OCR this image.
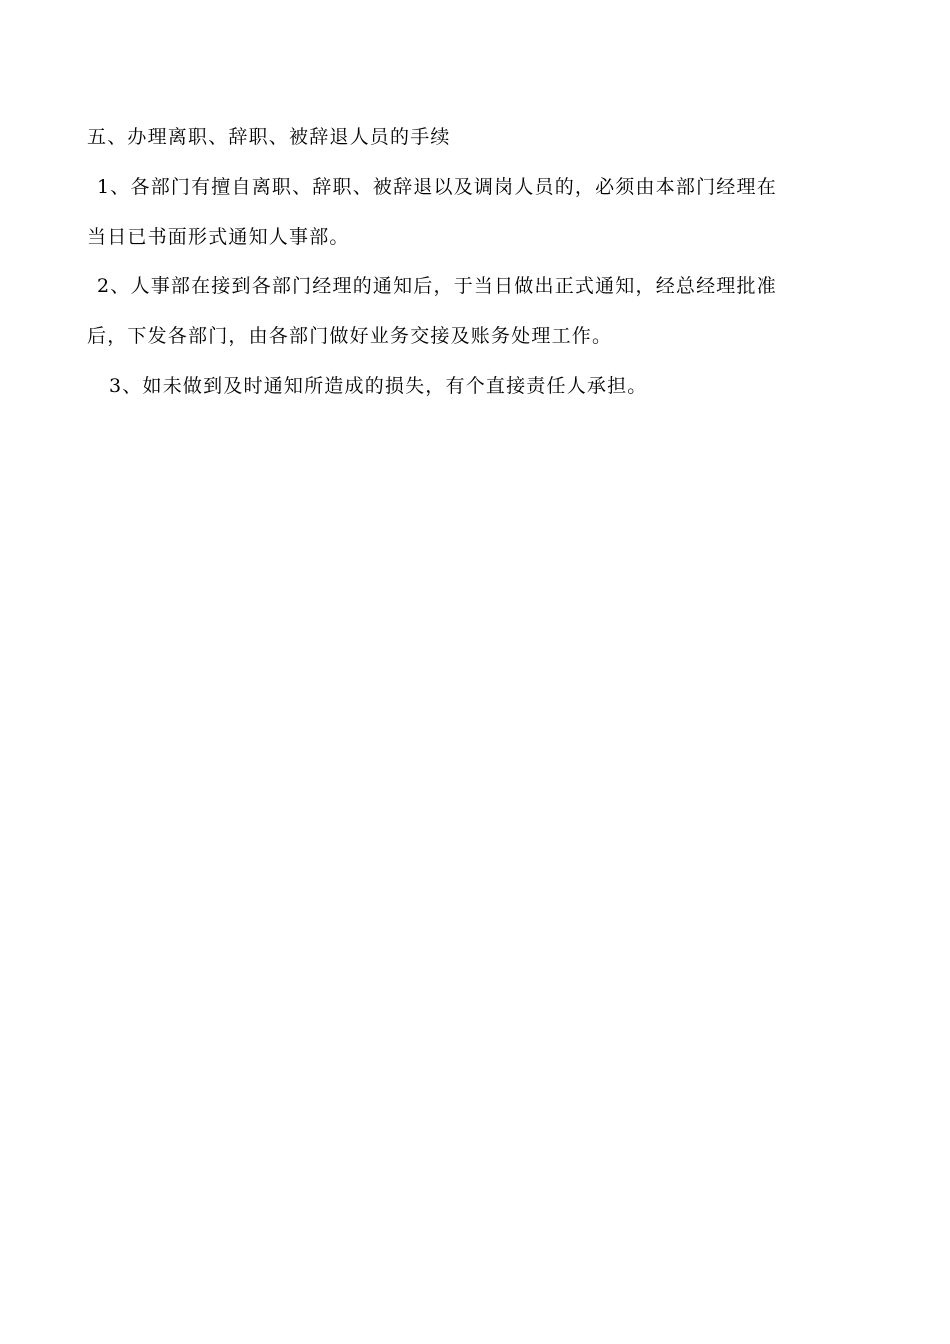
五、办理离职、辞职、被辞退人员的手续
1、各部门有擅自离职、辞职、被辞退以及调岗人员的，必须由本部门经理在
当日已书面形式通知人事部。
2、人事部在接到各部门经理的通知后，于当日做出正式通知，经总经理批准
后，下发各部门，由各部门做好业务交接及账务处理工作。
3、如未做到及时通知所造成的损失，有个直接责任人承担。
